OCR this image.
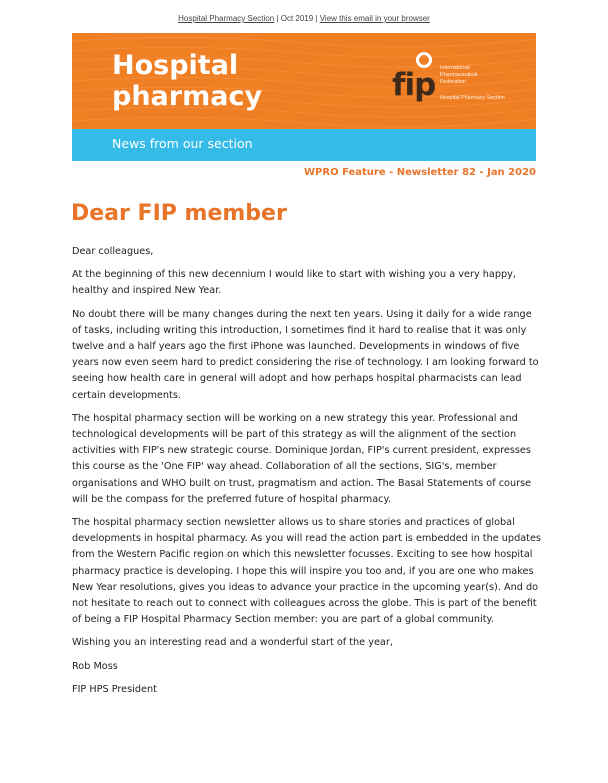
Hospital Pharmacy Section | Oct 2019 | View this email in your browser
Hospital
pharmacy	fip International
Pharmaceutical
Federation
Hospital Pharmacy Section
News from our section
WPRO Feature - Newsletter 82 - Jan 2020
Dear FIP member

Dear colleagues,

At the beginning of this new decennium I would like to start with wishing you a very happy, healthy and inspired New Year.

No doubt there will be many changes during the next ten years. Using it daily for a wide range of tasks, including writing this introduction, I sometimes find it hard to realise that it was only twelve and a half years ago the first iPhone was launched. Developments in windows of five years now even seem hard to predict considering the rise of technology. I am looking forward to seeing how health care in general will adopt and how perhaps hospital pharmacists can lead certain developments.

The hospital pharmacy section will be working on a new strategy this year. Professional and technological developments will be part of this strategy as will the alignment of the section activities with FIP's new strategic course. Dominique Jordan, FIP's current president, expresses this course as the 'One FIP' way ahead. Collaboration of all the sections, SIG's, member organisations and WHO built on trust, pragmatism and action. The Basal Statements of course will be the compass for the preferred future of hospital pharmacy.

The hospital pharmacy section newsletter allows us to share stories and practices of global developments in hospital pharmacy. As you will read the action part is embedded in the updates from the Western Pacific region on which this newsletter focusses. Exciting to see how hospital pharmacy practice is developing. I hope this will inspire you too and, if you are one who makes New Year resolutions, gives you ideas to advance your practice in the upcoming year(s). And do not hesitate to reach out to connect with colleagues across the globe. This is part of the benefit of being a FIP Hospital Pharmacy Section member: you are part of a global community.

Wishing you an interesting read and a wonderful start of the year,

Rob Moss

FIP HPS President
